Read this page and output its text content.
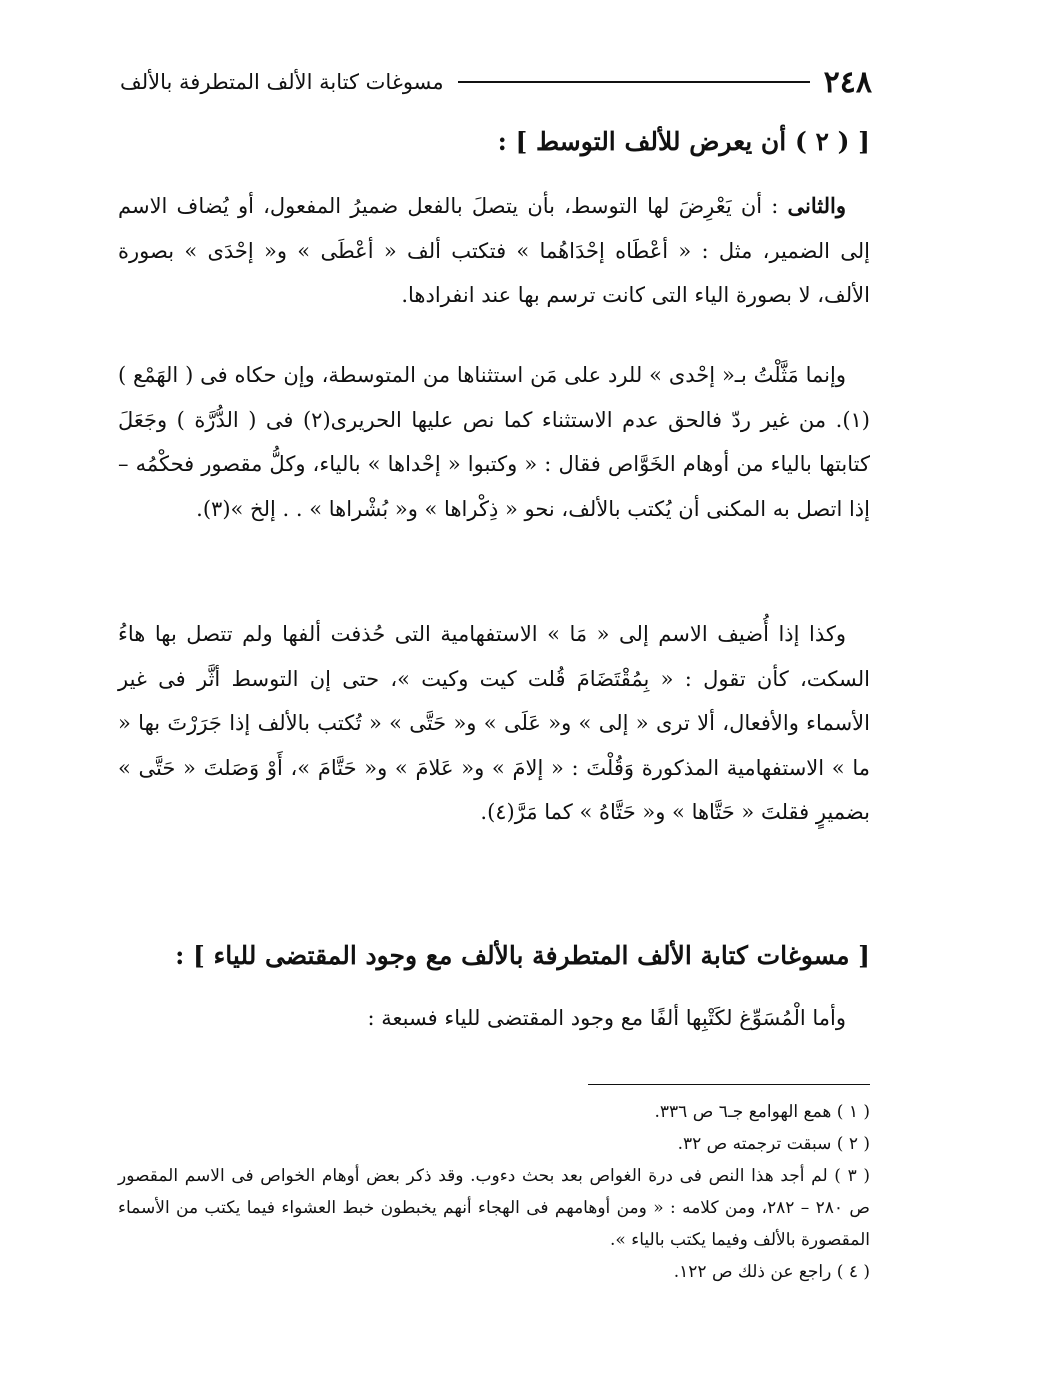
٢٤٨
مسوغات كتابة الألف المتطرفة بالألف
[ ( ٢ ) أن يعرض للألف التوسط ] :

والثانى : أن يَعْرِضَ لها التوسط، بأن يتصلَ بالفعل ضميرُ المفعول، أو يُضاف الاسم إلى الضمير، مثل : « أعْطَاه إحْدَاهُما » فتكتب ألف « أعْطَى » و« إحْدَى » بصورة الألف، لا بصورة الياء التى كانت ترسم بها عند انفرادها.

وإنما مَثَّلْتُ بـ« إحْدى » للرد على مَن استثناها من المتوسطة، وإن حكاه فى ( الهَمْع )(١). من غير ردّ فالحق عدم الاستثناء كما نص عليها الحريرى(٢) فى ( الدُّرَّة ) وجَعَلَ كتابتها بالياء من أوهام الخَوَّاص فقال : « وكتبوا « إحْداها » بالياء، وكلُّ مقصور فحكْمُه – إذا اتصل به المكنى أن يُكتب بالألف، نحو « ذِكْراها » و« بُشْراها » . . إلخ »(٣).

وكذا إذا أُضيف الاسم إلى « مَا » الاستفهامية التى حُذفت ألفها ولم تتصل بها هاءُ السكت، كأن تقول : « بِمُقْتَضَامَ قُلت كيت وكيت »، حتى إن التوسط أثَّر فى غير الأسماء والأفعال، ألا ترى « إلى » و« عَلَى » و« حَتَّى » « تُكتب بالألف إذا جَرَرْتَ بها « ما » الاستفهامية المذكورة وَقُلْتَ : « إلامَ » و« عَلامَ » و« حَتَّامَ »، أَوْ وَصَلتَ « حَتَّى » بضميرٍ فقلتَ « حَتَّاها » و« حَتَّاهُ » كما مَرَّ(٤).

[ مسوغات كتابة الألف المتطرفة بالألف مع وجود المقتضى للياء ] :

وأما الْمُسَوِّغ لكَتْبِها ألفًا مع وجود المقتضى للياء فسبعة :

( ١ ) همع الهوامع جـ٦ ص ٣٣٦.

( ٢ ) سبقت ترجمته ص ٣٢.

( ٣ ) لم أجد هذا النص فى درة الغواص بعد بحث دءوب. وقد ذكر بعض أوهام الخواص فى الاسم المقصور ص ٢٨٠ – ٢٨٢، ومن كلامه : « ومن أوهامهم فى الهجاء أنهم يخبطون خبط العشواء فيما يكتب من الأسماء المقصورة بالألف وفيما يكتب بالياء ».

( ٤ ) راجع عن ذلك ص ١٢٢.
